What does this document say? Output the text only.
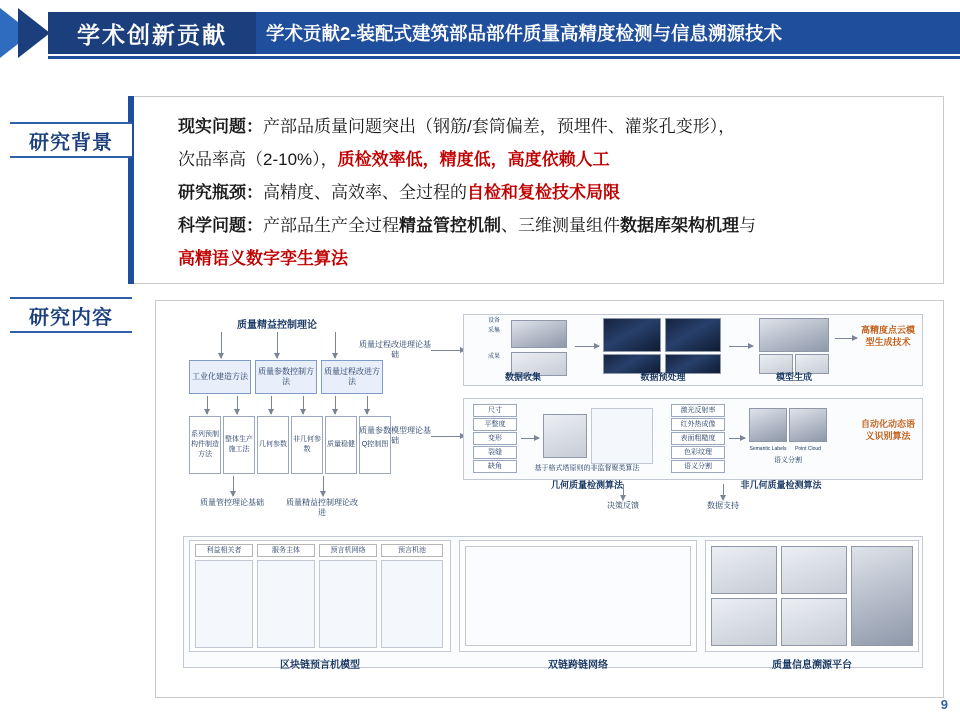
学术创新贡献 学术贡献2-装配式建筑部品部件质量高精度检测与信息溯源技术
研究背景
研究内容

现实问题：产部品质量问题突出（钢筋/套筒偏差，预埋件、灌浆孔变形），

次品率高（2-10%），质检效率低，精度低，高度依赖人工

研究瓶颈：高精度、高效率、全过程的自检和复检技术局限

科学问题：产部品生产全过程精益管控机制、三维测量组件数据库架构机理与

高精语义数字孪生算法

质量精益控制理论
工业化建造方法
质量参数控制方法
质量过程改进方法
系列预制构件制造方法
整体生产施工法
几何参数
非几何参数
质量稳健 Q控制图
质量过程改进理论基础
质量参数模型理论基础
质量管控理论基础	质量精益控制理论改进
决策反馈	数据支持
设备
采集
成果
数据收集	数据预处理	模型生成
高精度点云模型生成技术
尺寸
平整度
变形
裂缝
缺角	基于格式塔原则的非监督聚类算法
几何质量检测算法
激光反射率
红外热成像
表面粗糙度
色彩纹理
语义分割
Semantic Labels	Point Cloud
语义分割
非几何质量检测算法
自动化动态语义识别算法
利益相关者	服务主体	预言机网络	预言机池
区块链预言机模型	双链跨链网络	质量信息溯源平台
9
